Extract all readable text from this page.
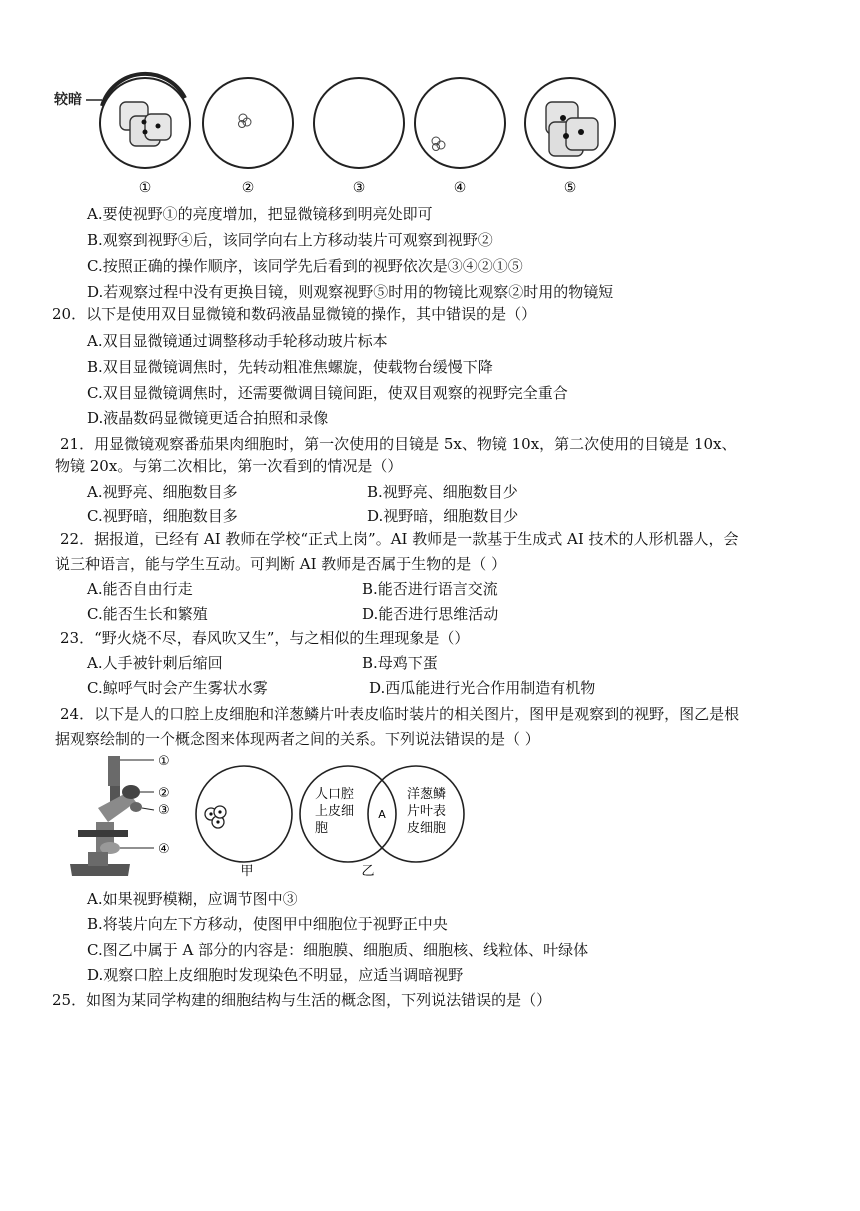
较暗
①	②	③	④	⑤
A.要使视野①的亮度增加，把显微镜移到明亮处即可
B.观察到视野④后，该同学向右上方移动装片可观察到视野②
C.按照正确的操作顺序，该同学先后看到的视野依次是③④②①⑤
D.若观察过程中没有更换目镜，则观察视野⑤时用的物镜比观察②时用的物镜短
20．以下是使用双目显微镜和数码液晶显微镜的操作，其中错误的是（）
A.双目显微镜通过调整移动手轮移动玻片标本
B.双目显微镜调焦时，先转动粗准焦螺旋，使载物台缓慢下降
C.双目显微镜调焦时，还需要微调目镜间距，使双目观察的视野完全重合
D.液晶数码显微镜更适合拍照和录像
21．用显微镜观察番茄果肉细胞时，第一次使用的目镜是 5x、物镜 10x，第二次使用的目镜是 10x、
物镜 20x。与第二次相比，第一次看到的情况是（）
A.视野亮、细胞数目多	B.视野亮、细胞数目少
C.视野暗，细胞数目多	D.视野暗，细胞数目少
22．据报道，已经有 AI 教师在学校“正式上岗”。AI 教师是一款基于生成式 AI 技术的人形机器人，会
说三种语言，能与学生互动。可判断 AI 教师是否属于生物的是（ ）
A.能否自由行走	B.能否进行语言交流
C.能否生长和繁殖	D.能否进行思维活动
23．“野火烧不尽，春风吹又生”，与之相似的生理现象是（）
A.人手被针刺后缩回	B.母鸡下蛋
C.鲸呼气时会产生雾状水雾	D.西瓜能进行光合作用制造有机物
24．以下是人的口腔上皮细胞和洋葱鳞片叶表皮临时装片的相关图片，图甲是观察到的视野，图乙是根
据观察绘制的一个概念图来体现两者之间的关系。下列说法错误的是（ ）
①
②
③
④
甲
人口腔
上皮细
胞
A
洋葱鳞
片叶表
皮细胞
乙
A.如果视野模糊，应调节图中③
B.将装片向左下方移动，使图甲中细胞位于视野正中央
C.图乙中属于 A 部分的内容是：细胞膜、细胞质、细胞核、线粒体、叶绿体
D.观察口腔上皮细胞时发现染色不明显，应适当调暗视野
25．如图为某同学构建的细胞结构与生活的概念图，下列说法错误的是（）
